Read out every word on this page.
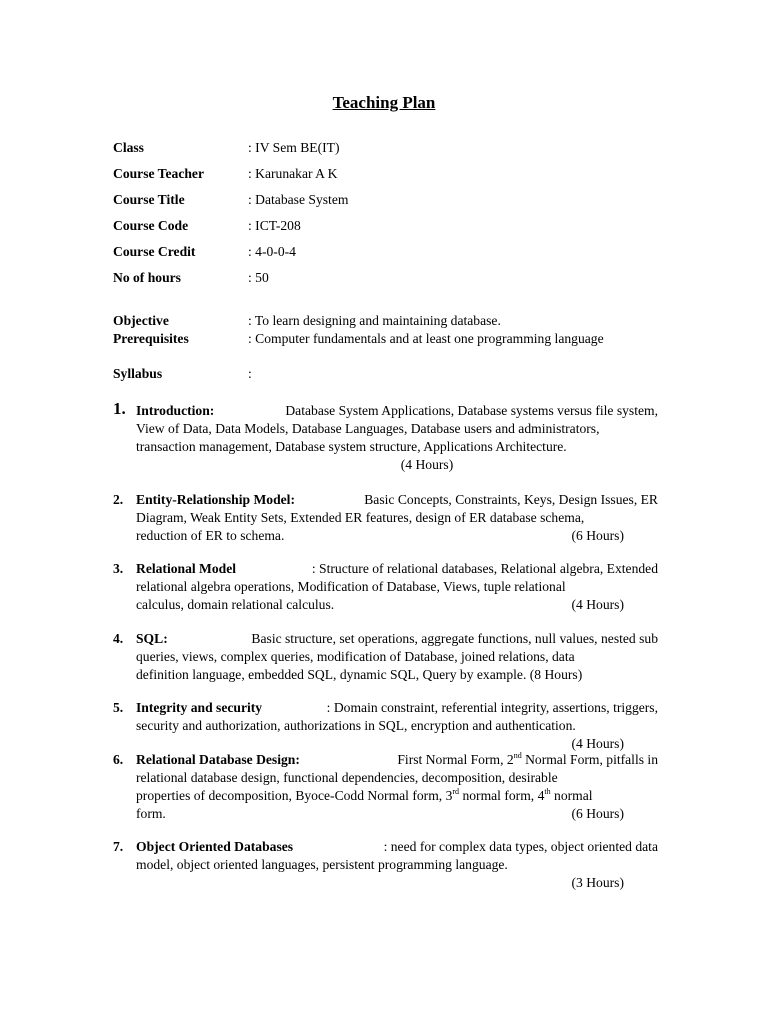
Teaching Plan
Class	: IV Sem BE(IT)
Course Teacher	: Karunakar A K
Course Title	: Database System
Course Code	: ICT-208
Course Credit	: 4-0-0-4
No of hours	: 50
Objective	: To learn designing and maintaining database.
Prerequisites	: Computer fundamentals and at least one programming language
Syllabus	:
1. Introduction:	Database System Applications, Database systems versus file system,
View of Data, Data Models, Database Languages, Database users and administrators,
transaction management, Database system structure, Applications Architecture.
(4 Hours)
2. Entity-Relationship Model:	Basic Concepts, Constraints, Keys, Design Issues, ER
Diagram, Weak Entity Sets, Extended ER features, design of ER database schema,
reduction of ER to schema.	(6 Hours)
3. Relational Model	: Structure of relational databases, Relational algebra, Extended
relational algebra operations, Modification of Database, Views, tuple relational
calculus, domain relational calculus.	(4 Hours)
4. SQL:	Basic structure, set operations, aggregate functions, null values, nested sub
queries, views, complex queries, modification of Database, joined relations, data
definition language, embedded SQL, dynamic SQL, Query by example. (8 Hours)
5. Integrity and security	: Domain constraint, referential integrity, assertions, triggers,
security and authorization, authorizations in SQL, encryption and authentication.
(4 Hours)
6. Relational Database Design:	First Normal Form, 2nd Normal Form, pitfalls in
relational database design, functional dependencies, decomposition, desirable
properties of decomposition, Byoce-Codd Normal form, 3rd normal form, 4th normal
form.	(6 Hours)
7. Object Oriented Databases	: need for complex data types, object oriented data
model, object oriented languages, persistent programming language.
(3 Hours)
